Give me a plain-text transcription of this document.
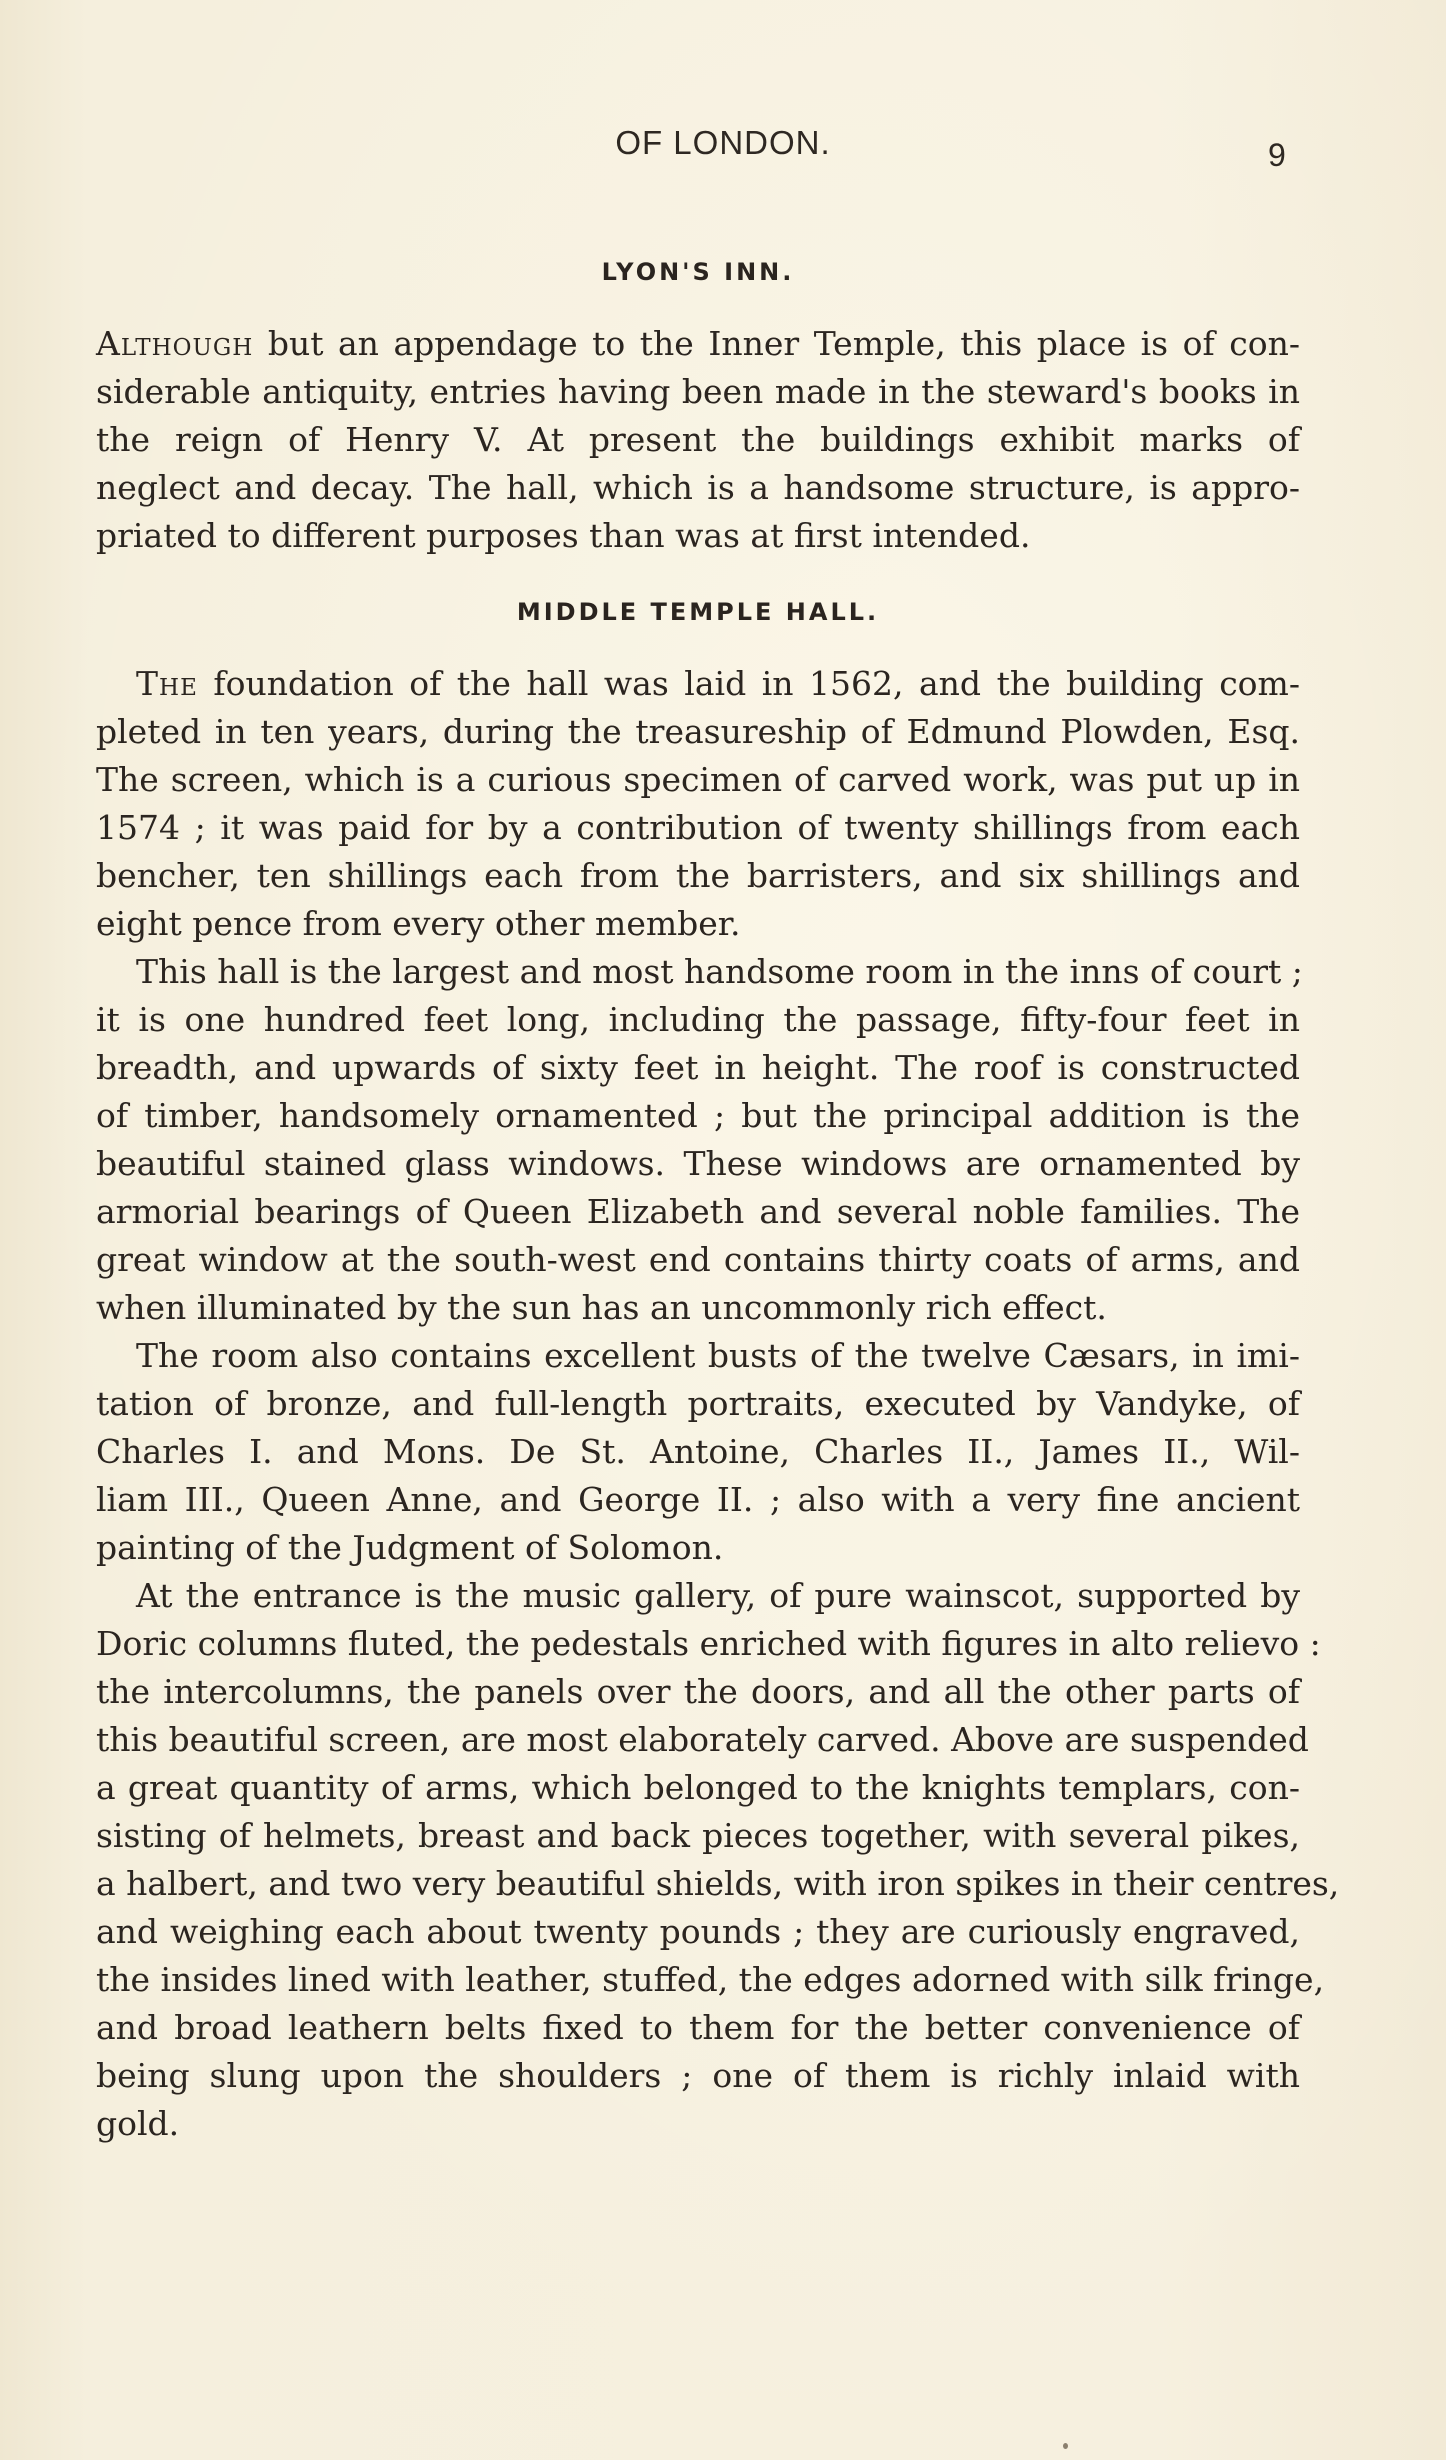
OF LONDON.	9
LYON'S INN.
Although but an appendage to the Inner Temple, this place is of con-
siderable antiquity, entries having been made in the steward's books in
the reign of Henry V. At present the buildings exhibit marks of
neglect and decay. The hall, which is a handsome structure, is appro-
priated to different purposes than was at first intended.
MIDDLE TEMPLE HALL.
The foundation of the hall was laid in 1562, and the building com-
pleted in ten years, during the treasureship of Edmund Plowden, Esq.
The screen, which is a curious specimen of carved work, was put up in
1574 ; it was paid for by a contribution of twenty shillings from each
bencher, ten shillings each from the barristers, and six shillings and
eight pence from every other member.
This hall is the largest and most handsome room in the inns of court ;
it is one hundred feet long, including the passage, fifty-four feet in
breadth, and upwards of sixty feet in height. The roof is constructed
of timber, handsomely ornamented ; but the principal addition is the
beautiful stained glass windows. These windows are ornamented by
armorial bearings of Queen Elizabeth and several noble families. The
great window at the south-west end contains thirty coats of arms, and
when illuminated by the sun has an uncommonly rich effect.
The room also contains excellent busts of the twelve Cæsars, in imi-
tation of bronze, and full-length portraits, executed by Vandyke, of
Charles I. and Mons. De St. Antoine, Charles II., James II., Wil-
liam III., Queen Anne, and George II. ; also with a very fine ancient
painting of the Judgment of Solomon.
At the entrance is the music gallery, of pure wainscot, supported by
Doric columns fluted, the pedestals enriched with figures in alto relievo :
the intercolumns, the panels over the doors, and all the other parts of
this beautiful screen, are most elaborately carved. Above are suspended
a great quantity of arms, which belonged to the knights templars, con-
sisting of helmets, breast and back pieces together, with several pikes,
a halbert, and two very beautiful shields, with iron spikes in their centres,
and weighing each about twenty pounds ; they are curiously engraved,
the insides lined with leather, stuffed, the edges adorned with silk fringe,
and broad leathern belts fixed to them for the better convenience of
being slung upon the shoulders ; one of them is richly inlaid with
gold.
